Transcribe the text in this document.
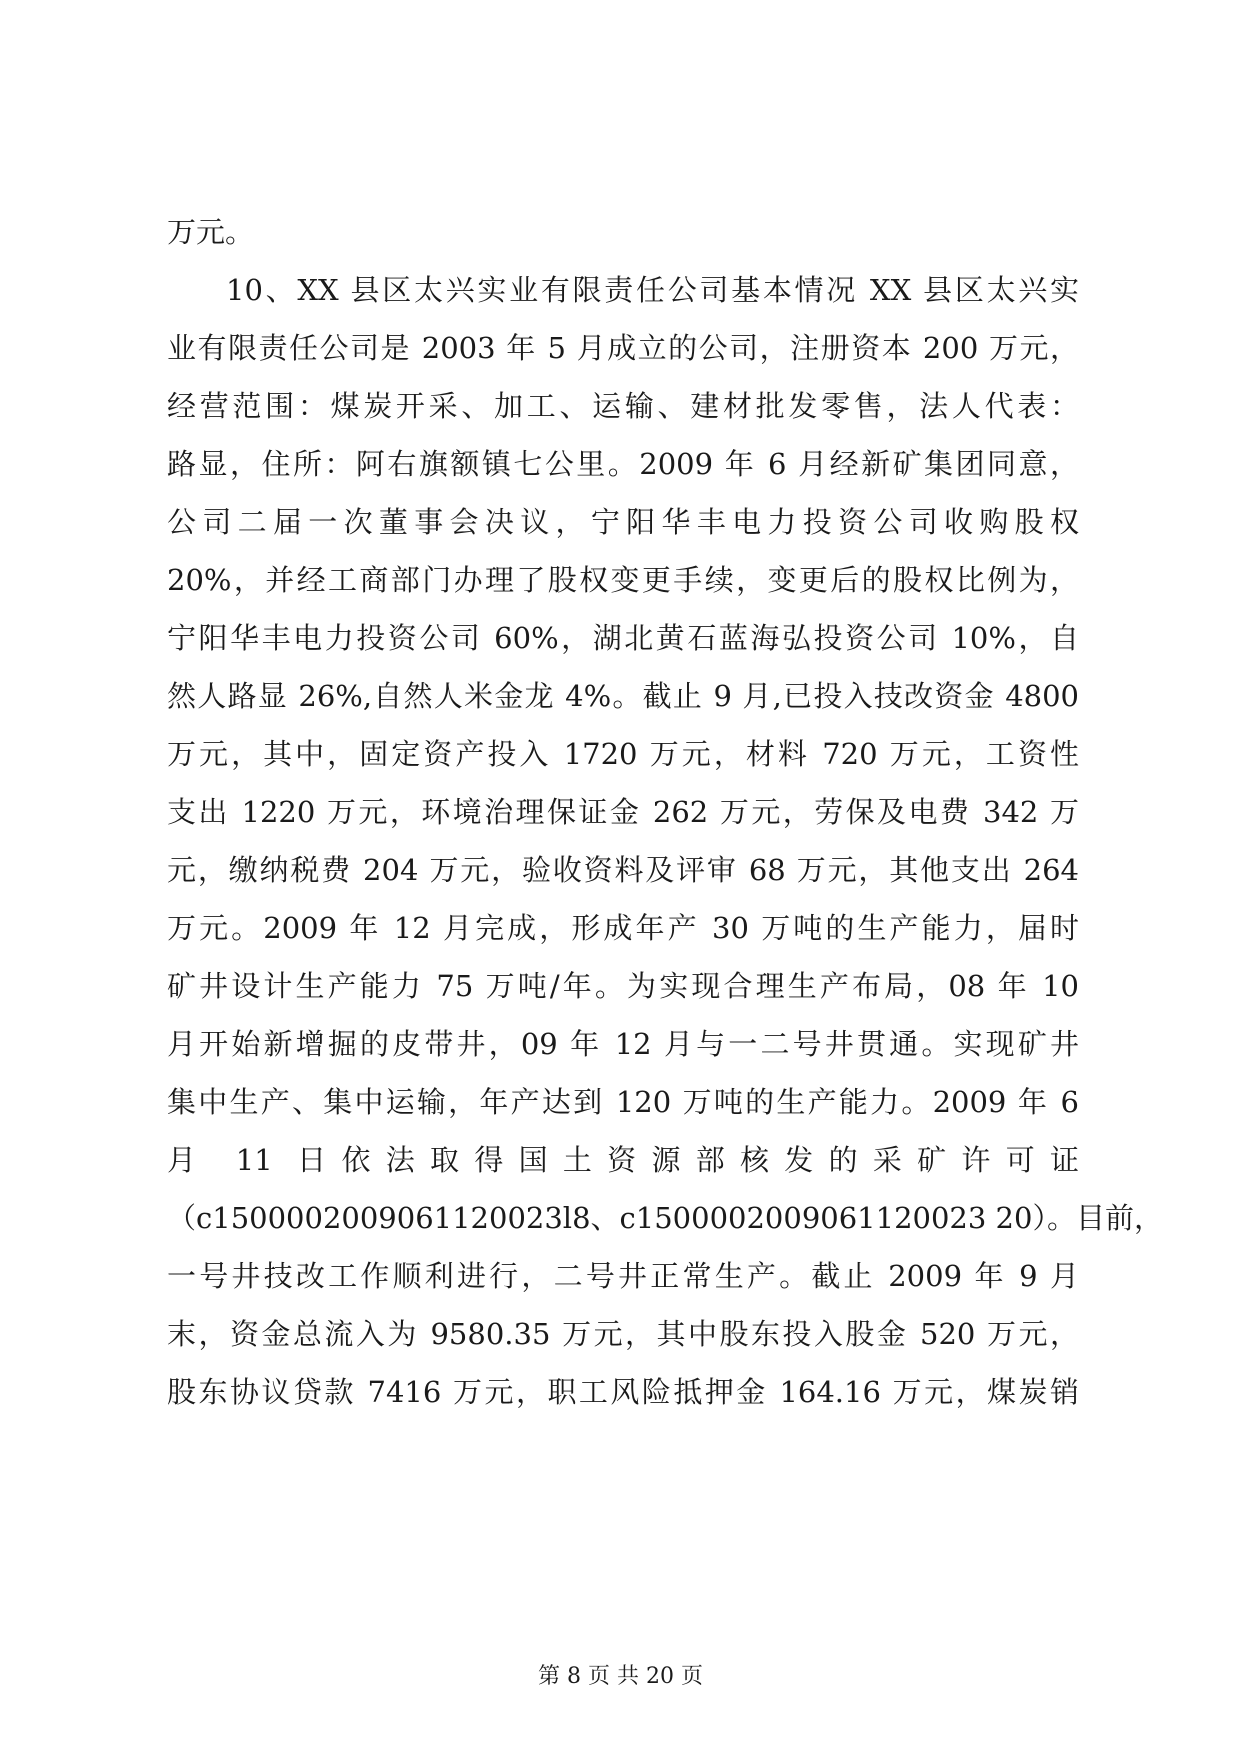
万元。
10、XX 县区太兴实业有限责任公司基本情况 XX 县区太兴实
业有限责任公司是 2003 年 5 月成立的公司，注册资本 200 万元，
经营范围：煤炭开采、加工、运输、建材批发零售，法人代表：
路显，住所：阿右旗额镇七公里。2009 年 6 月经新矿集团同意，
公司二届一次董事会决议，宁阳华丰电力投资公司收购股权
20%，并经工商部门办理了股权变更手续，变更后的股权比例为，
宁阳华丰电力投资公司 60%，湖北黄石蓝海弘投资公司 10%，自
然人路显 26%,自然人米金龙 4%。截止 9 月,已投入技改资金 4800
万元，其中，固定资产投入 1720 万元，材料 720 万元，工资性
支出 1220 万元，环境治理保证金 262 万元，劳保及电费 342 万
元，缴纳税费 204 万元，验收资料及评审 68 万元，其他支出 264
万元。2009 年 12 月完成，形成年产 30 万吨的生产能力，届时
矿井设计生产能力 75 万吨/年。为实现合理生产布局，08 年 10
月开始新增掘的皮带井，09 年 12 月与一二号井贯通。实现矿井
集中生产、集中运输，年产达到 120 万吨的生产能力。2009 年 6
月 11 日依法取得国土资源部核发的采矿许可证
（c1500002009061120023l8、c1500002009061120023 20）。目前，
一号井技改工作顺利进行，二号井正常生产。截止 2009 年 9 月
末，资金总流入为 9580.35 万元，其中股东投入股金 520 万元，
股东协议贷款 7416 万元，职工风险抵押金 164.16 万元，煤炭销
第 8 页 共 20 页
